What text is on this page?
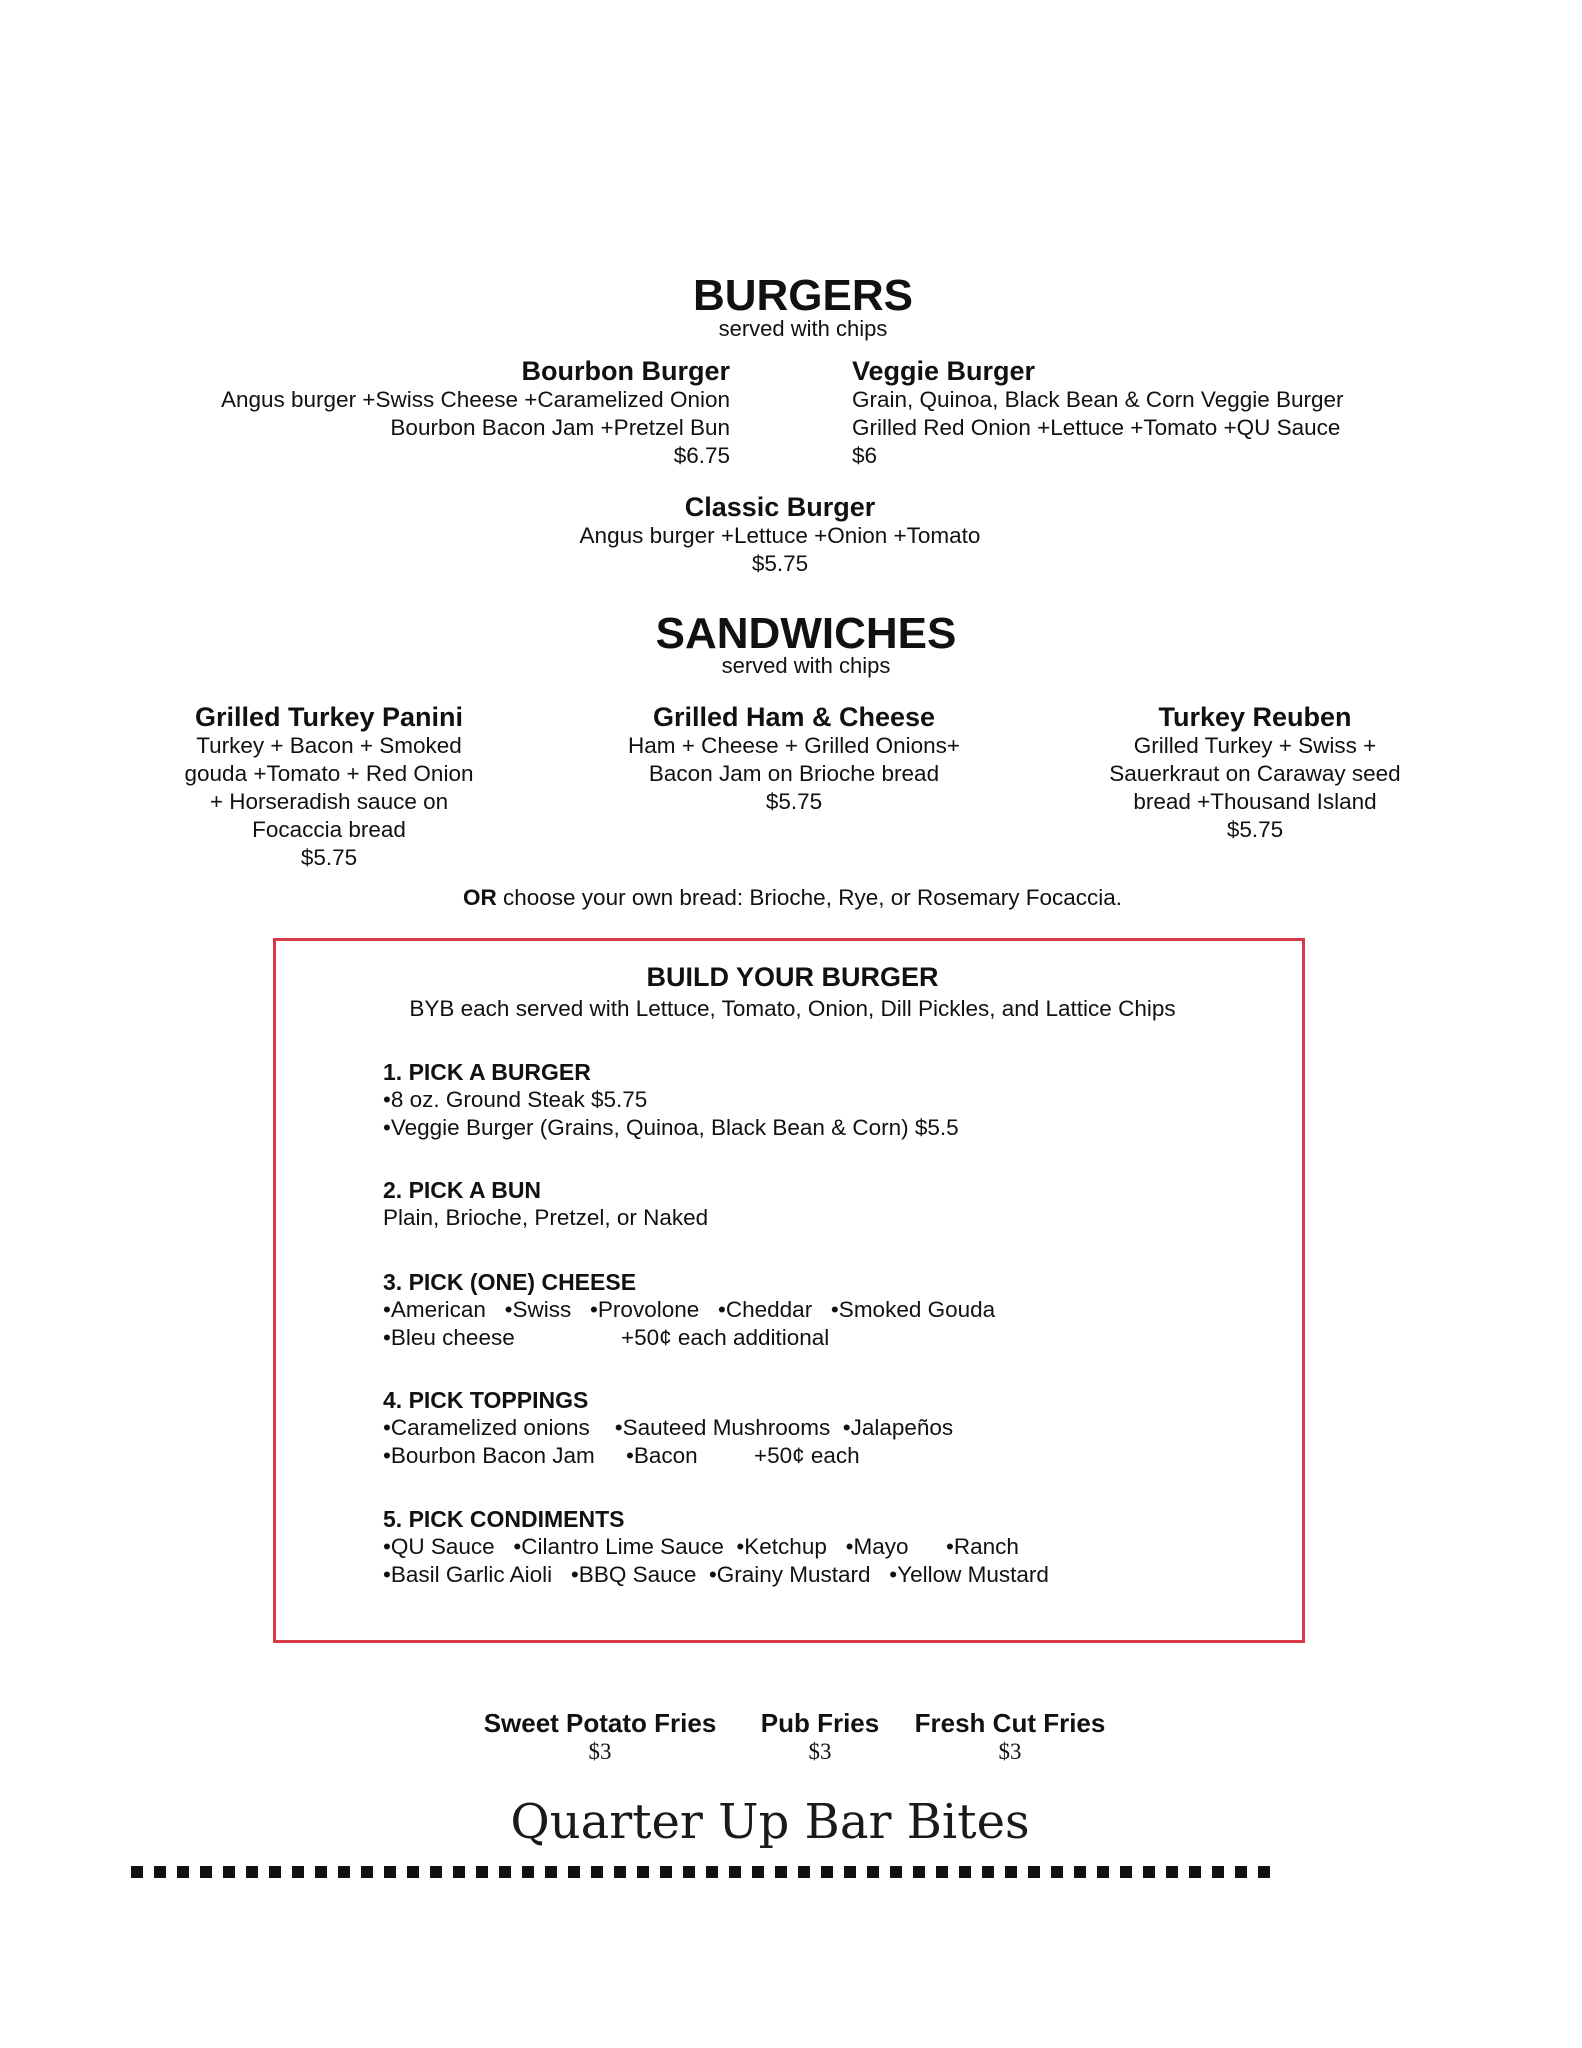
BURGERS
served with chips
Bourbon Burger
Angus burger +Swiss Cheese +Caramelized Onion
Bourbon Bacon Jam +Pretzel Bun
$6.75
Veggie Burger
Grain, Quinoa, Black Bean & Corn Veggie Burger
Grilled Red Onion +Lettuce +Tomato +QU Sauce
$6
Classic Burger
Angus burger +Lettuce +Onion +Tomato
$5.75
SANDWICHES
served with chips
Grilled Turkey Panini
Turkey + Bacon + Smoked
gouda +Tomato + Red Onion
+ Horseradish sauce on
Focaccia bread
$5.75
Grilled Ham & Cheese
Ham + Cheese + Grilled Onions+
Bacon Jam on Brioche bread
$5.75
Turkey Reuben
Grilled Turkey + Swiss +
Sauerkraut on Caraway seed
bread +Thousand Island
$5.75
OR choose your own bread: Brioche, Rye, or Rosemary Focaccia.
BUILD YOUR BURGER
BYB each served with Lettuce, Tomato, Onion, Dill Pickles, and Lattice Chips
1. PICK A BURGER
•8 oz. Ground Steak $5.75
•Veggie Burger (Grains, Quinoa, Black Bean & Corn) $5.5
2. PICK A BUN
Plain, Brioche, Pretzel, or Naked
3. PICK (ONE) CHEESE
•American   •Swiss   •Provolone   •Cheddar   •Smoked Gouda
•Bleu cheese                 +50¢ each additional
4. PICK TOPPINGS
•Caramelized onions    •Sauteed Mushrooms  •Jalapeños
•Bourbon Bacon Jam     •Bacon         +50¢ each
5. PICK CONDIMENTS
•QU Sauce   •Cilantro Lime Sauce  •Ketchup   •Mayo      •Ranch
•Basil Garlic Aioli   •BBQ Sauce  •Grainy Mustard   •Yellow Mustard
Sweet Potato Fries
$3
Pub Fries
$3
Fresh Cut Fries
$3
Quarter Up Bar Bites
